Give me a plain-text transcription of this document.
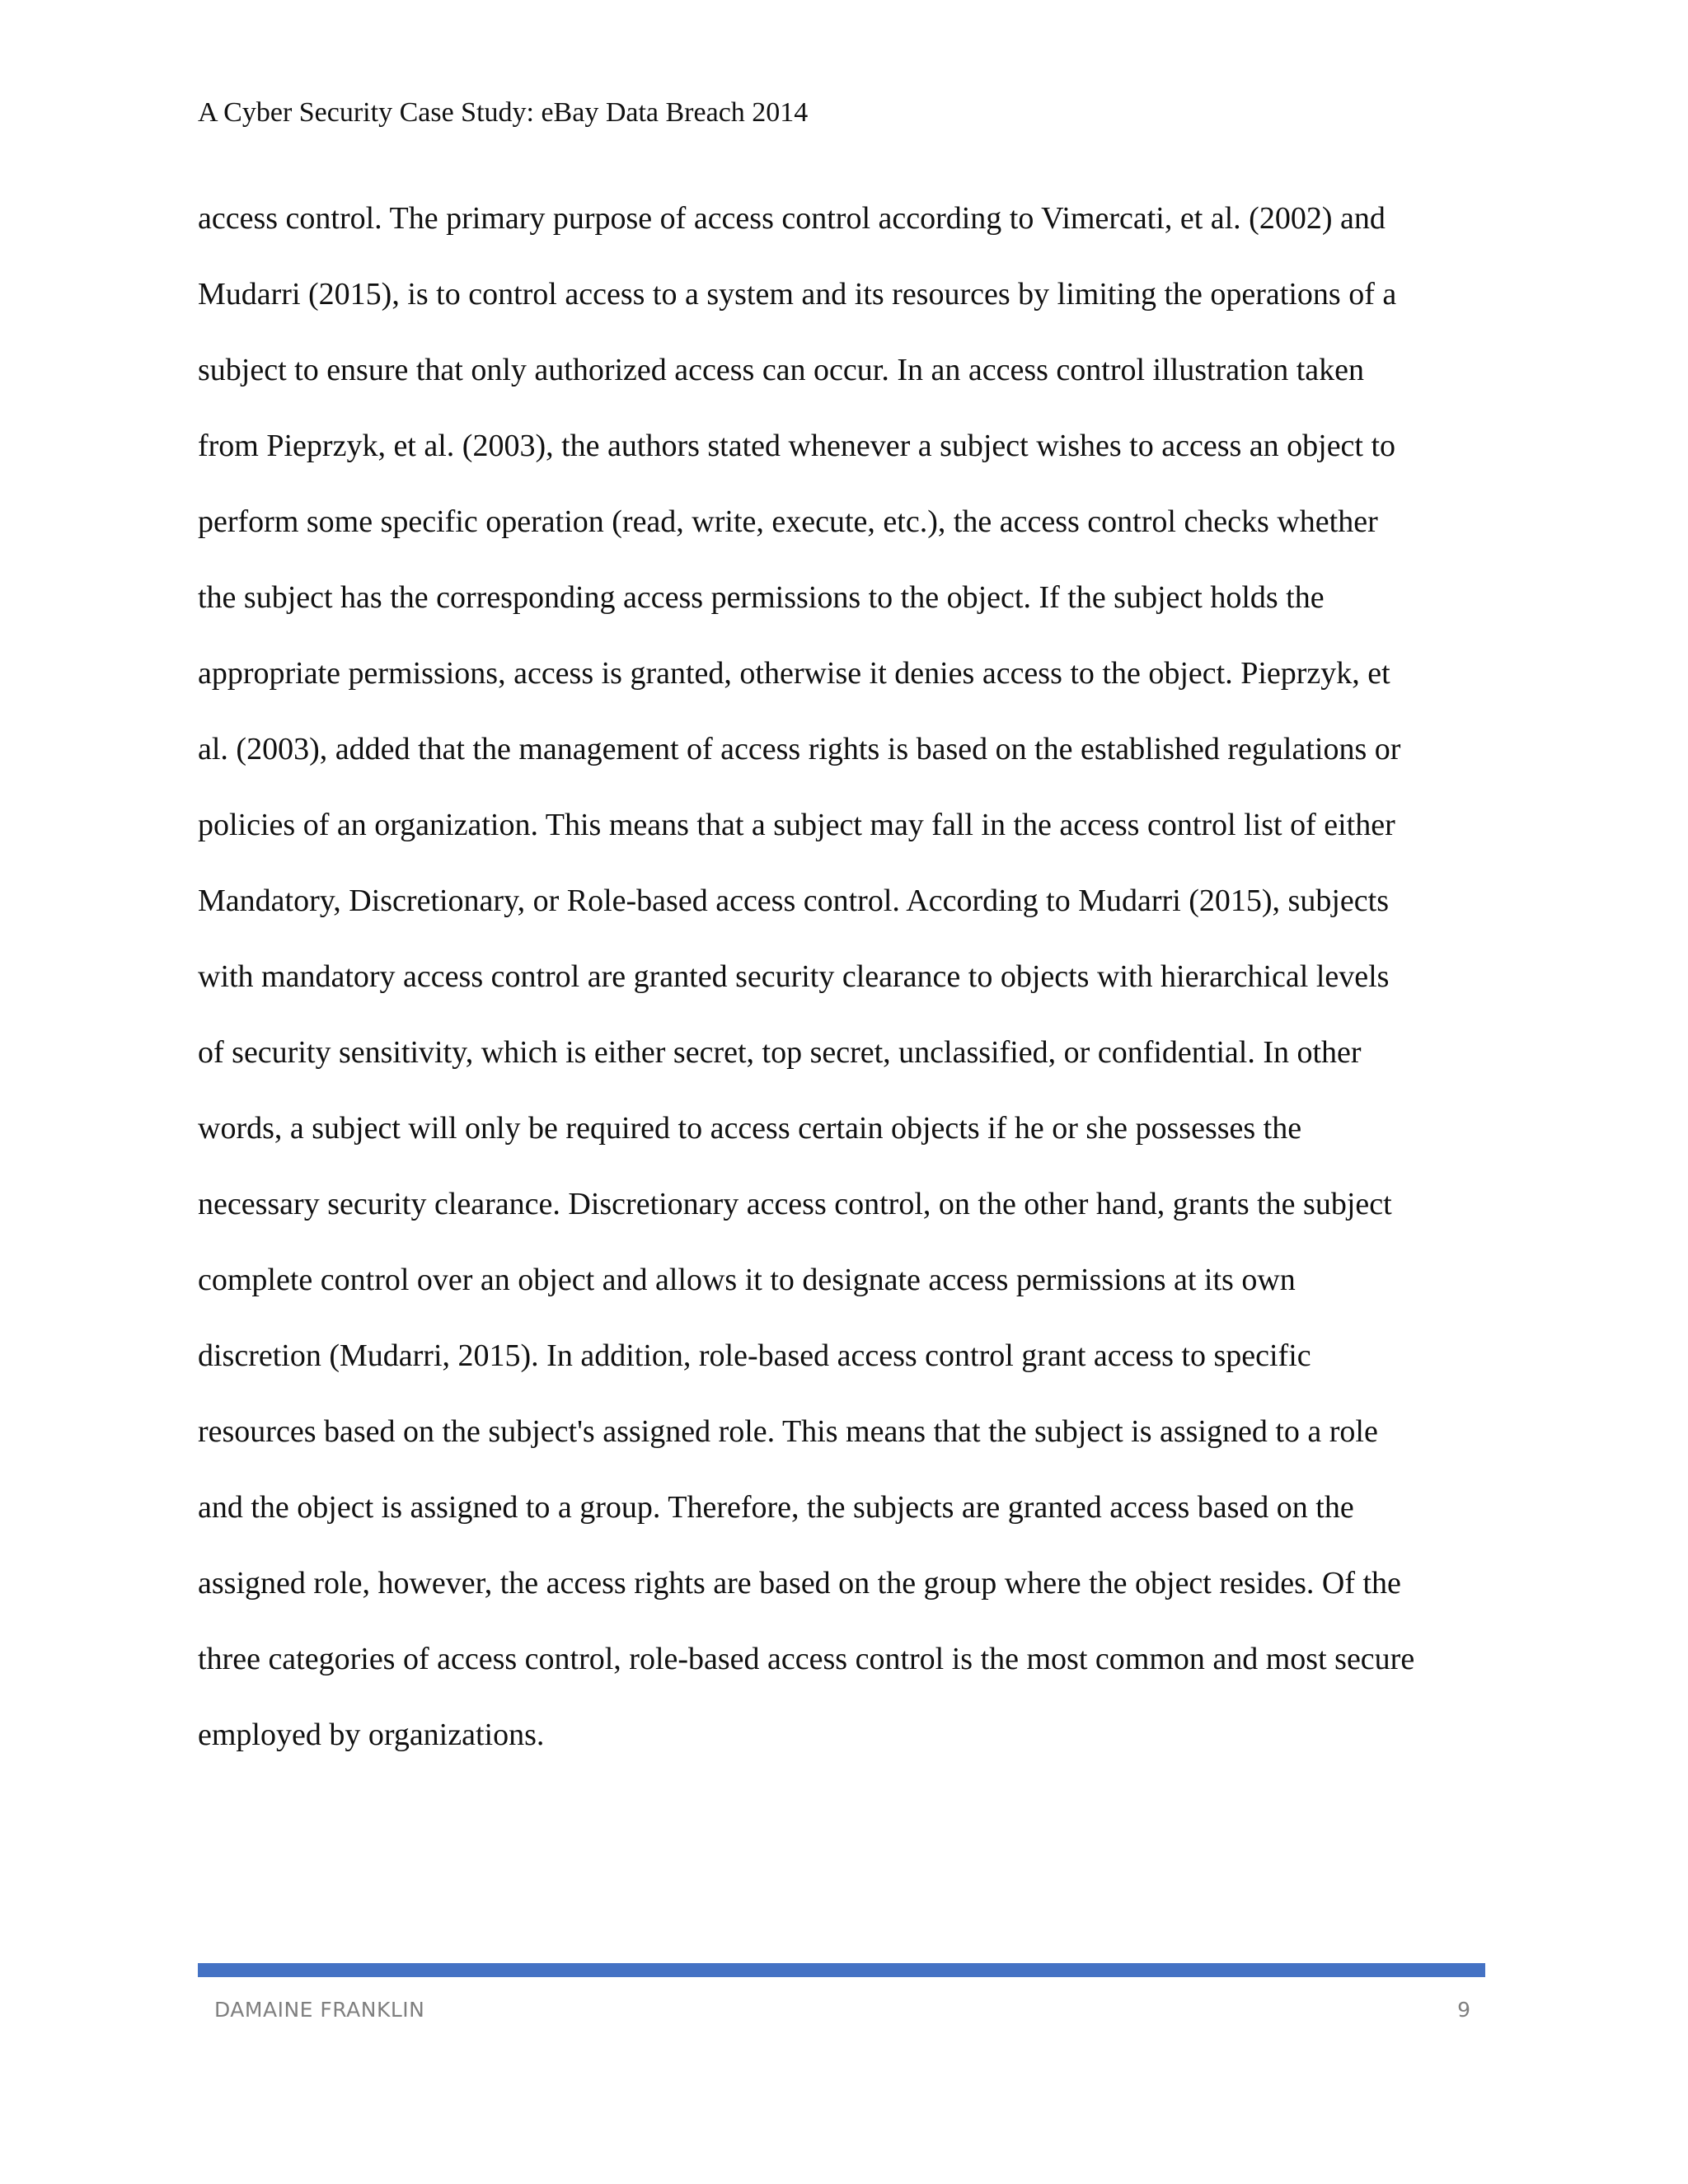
A Cyber Security Case Study: eBay Data Breach 2014
access control. The primary purpose of access control according to Vimercati, et al. (2002) and
Mudarri (2015), is to control access to a system and its resources by limiting the operations of a
subject to ensure that only authorized access can occur. In an access control illustration taken
from Pieprzyk, et al. (2003), the authors stated whenever a subject wishes to access an object to
perform some specific operation (read, write, execute, etc.), the access control checks whether
the subject has the corresponding access permissions to the object. If the subject holds the
appropriate permissions, access is granted, otherwise it denies access to the object. Pieprzyk, et
al. (2003), added that the management of access rights is based on the established regulations or
policies of an organization. This means that a subject may fall in the access control list of either
Mandatory, Discretionary, or Role-based access control. According to Mudarri (2015), subjects
with mandatory access control are granted security clearance to objects with hierarchical levels
of security sensitivity, which is either secret, top secret, unclassified, or confidential. In other
words, a subject will only be required to access certain objects if he or she possesses the
necessary security clearance. Discretionary access control, on the other hand, grants the subject
complete control over an object and allows it to designate access permissions at its own
discretion (Mudarri, 2015). In addition, role-based access control grant access to specific
resources based on the subject's assigned role. This means that the subject is assigned to a role
and the object is assigned to a group. Therefore, the subjects are granted access based on the
assigned role, however, the access rights are based on the group where the object resides. Of the
three categories of access control, role-based access control is the most common and most secure
employed by organizations.
DAMAINE FRANKLIN	9
